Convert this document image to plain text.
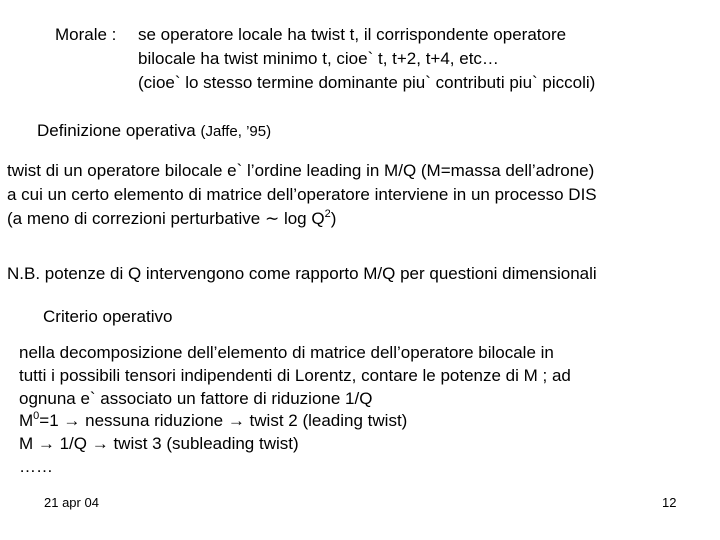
Morale : se operatore locale ha twist t, il corrispondente operatore
bilocale ha twist minimo t, cioe` t, t+2, t+4, etc…
(cioe` lo stesso termine dominante piu` contributi piu` piccoli)
Definizione operativa (Jaffe, ’95)
twist di un operatore bilocale e` l’ordine leading in M/Q (M=massa dell’adrone)
a cui un certo elemento di matrice dell’operatore interviene in un processo DIS
(a meno di correzioni perturbative ∼ $\log Q^2$)
N.B. potenze di Q intervengono come rapporto M/Q per questioni dimensionali
Criterio operativo
nella decomposizione dell’elemento di matrice dell’operatore bilocale in
tutti i possibili tensori indipendenti di Lorentz, contare le potenze di M ; ad
ognuna e` associato un fattore di riduzione 1/Q
$M^0=1$ → nessuna riduzione → twist 2 (leading twist)
M → 1/Q → twist 3 (subleading twist)
……
21 apr 04	12
